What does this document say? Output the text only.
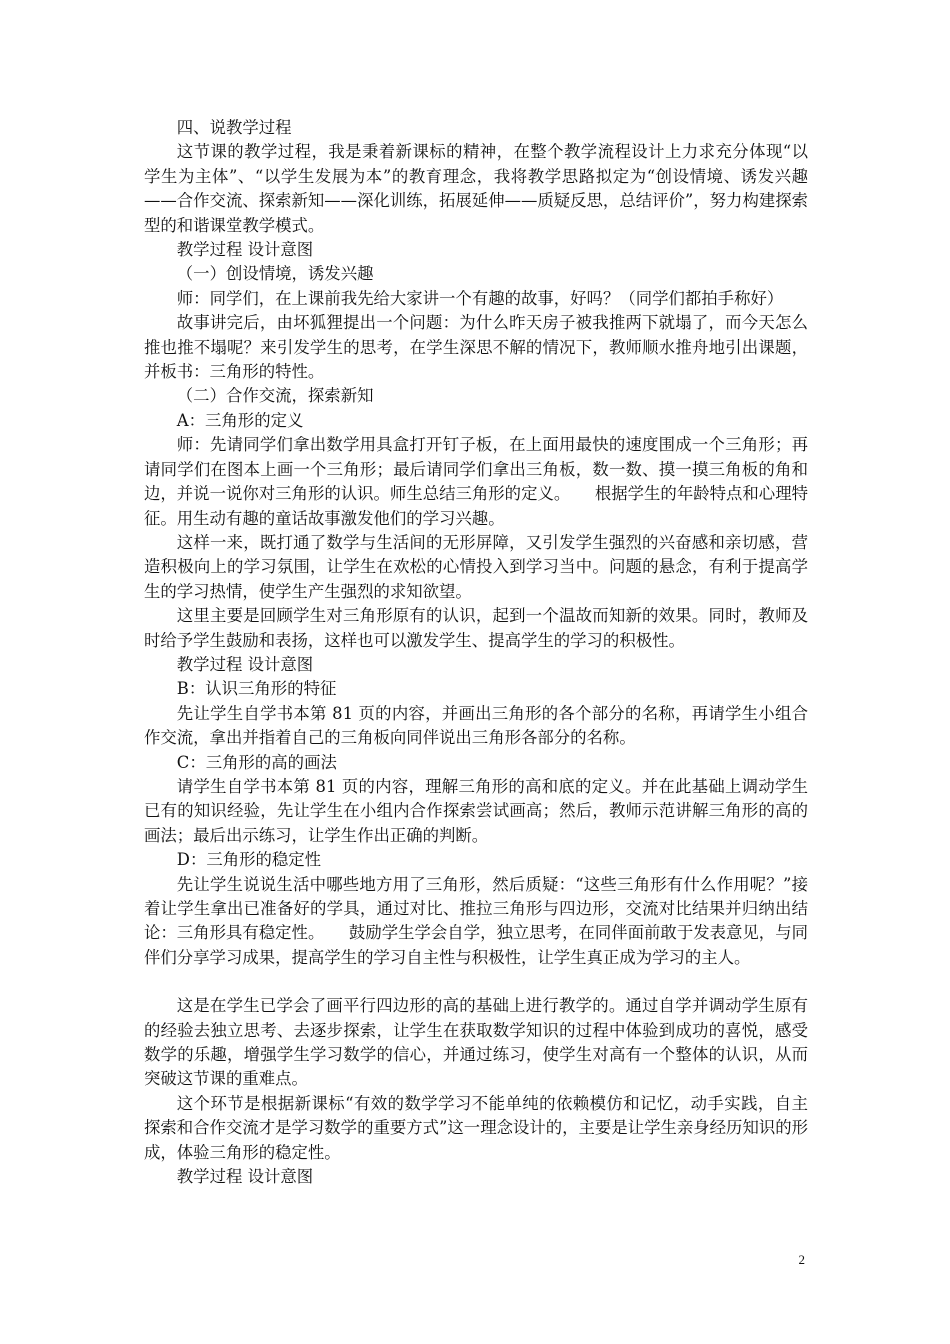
四、说教学过程

这节课的教学过程，我是秉着新课标的精神，在整个教学流程设计上力求充分体现“以学生为主体”、“以学生发展为本”的教育理念，我将教学思路拟定为“创设情境、诱发兴趣——合作交流、探索新知——深化训练，拓展延伸——质疑反思，总结评价”，努力构建探索型的和谐课堂教学模式。

教学过程 设计意图

（一）创设情境，诱发兴趣

师：同学们，在上课前我先给大家讲一个有趣的故事，好吗？（同学们都拍手称好）

故事讲完后，由坏狐狸提出一个问题：为什么昨天房子被我推两下就塌了，而今天怎么推也推不塌呢？来引发学生的思考，在学生深思不解的情况下，教师顺水推舟地引出课题，并板书：三角形的特性。

（二）合作交流，探索新知

A：三角形的定义

师：先请同学们拿出数学用具盒打开钉子板，在上面用最快的速度围成一个三角形；再请同学们在图本上画一个三角形；最后请同学们拿出三角板，数一数、摸一摸三角板的角和边，并说一说你对三角形的认识。师生总结三角形的定义。　　根据学生的年龄特点和心理特征。用生动有趣的童话故事激发他们的学习兴趣。

这样一来，既打通了数学与生活间的无形屏障，又引发学生强烈的兴奋感和亲切感，营造积极向上的学习氛围，让学生在欢松的心情投入到学习当中。问题的悬念，有利于提高学生的学习热情，使学生产生强烈的求知欲望。

这里主要是回顾学生对三角形原有的认识，起到一个温故而知新的效果。同时，教师及时给予学生鼓励和表扬，这样也可以激发学生、提高学生的学习的积极性。

教学过程 设计意图

B：认识三角形的特征

先让学生自学书本第 81 页的内容，并画出三角形的各个部分的名称，再请学生小组合作交流，拿出并指着自己的三角板向同伴说出三角形各部分的名称。

C：三角形的高的画法

请学生自学书本第 81 页的内容，理解三角形的高和底的定义。并在此基础上调动学生已有的知识经验，先让学生在小组内合作探索尝试画高；然后，教师示范讲解三角形的高的画法；最后出示练习，让学生作出正确的判断。

D：三角形的稳定性

先让学生说说生活中哪些地方用了三角形，然后质疑：“这些三角形有什么作用呢？”接着让学生拿出已准备好的学具，通过对比、推拉三角形与四边形，交流对比结果并归纳出结论：三角形具有稳定性。　　鼓励学生学会自学，独立思考，在同伴面前敢于发表意见，与同伴们分享学习成果，提高学生的学习自主性与积极性，让学生真正成为学习的主人。

这是在学生已学会了画平行四边形的高的基础上进行教学的。通过自学并调动学生原有的经验去独立思考、去逐步探索，让学生在获取数学知识的过程中体验到成功的喜悦，感受数学的乐趣，增强学生学习数学的信心，并通过练习，使学生对高有一个整体的认识，从而突破这节课的重难点。

这个环节是根据新课标“有效的数学学习不能单纯的依赖模仿和记忆，动手实践，自主探索和合作交流才是学习数学的重要方式”这一理念设计的，主要是让学生亲身经历知识的形成，体验三角形的稳定性。

教学过程 设计意图

2
